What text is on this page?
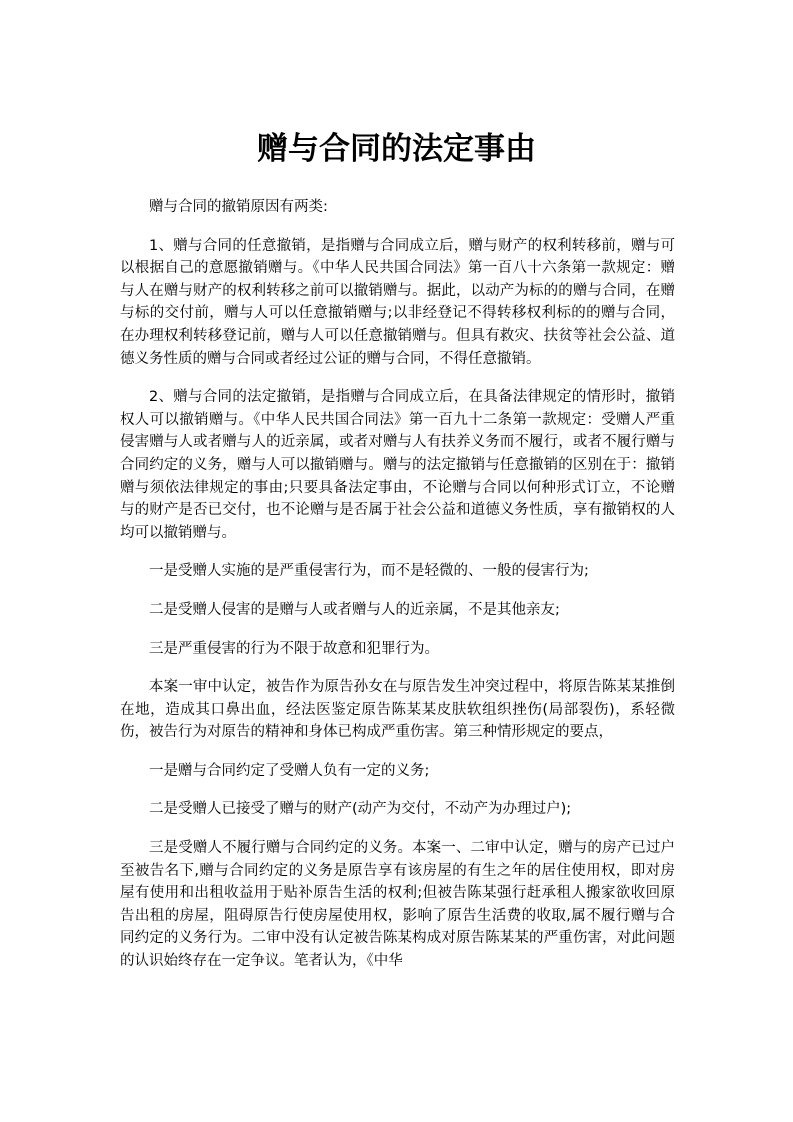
赠与合同的法定事由

赠与合同的撤销原因有两类:

1、赠与合同的任意撤销，是指赠与合同成立后，赠与财产的权利转移前，赠与可以根据自己的意愿撤销赠与。《中华人民共国合同法》第一百八十六条第一款规定：赠与人在赠与财产的权利转移之前可以撤销赠与。据此，以动产为标的的赠与合同，在赠与标的交付前，赠与人可以任意撤销赠与;以非经登记不得转移权利标的的赠与合同，在办理权利转移登记前，赠与人可以任意撤销赠与。但具有救灾、扶贫等社会公益、道德义务性质的赠与合同或者经过公证的赠与合同，不得任意撤销。

2、赠与合同的法定撤销，是指赠与合同成立后，在具备法律规定的情形时，撤销权人可以撤销赠与。《中华人民共国合同法》第一百九十二条第一款规定：受赠人严重侵害赠与人或者赠与人的近亲属，或者对赠与人有扶养义务而不履行，或者不履行赠与合同约定的义务，赠与人可以撤销赠与。赠与的法定撤销与任意撤销的区别在于：撤销赠与须依法律规定的事由;只要具备法定事由，不论赠与合同以何种形式订立，不论赠与的财产是否已交付，也不论赠与是否属于社会公益和道德义务性质，享有撤销权的人均可以撤销赠与。

一是受赠人实施的是严重侵害行为，而不是轻微的、一般的侵害行为;

二是受赠人侵害的是赠与人或者赠与人的近亲属，不是其他亲友;

三是严重侵害的行为不限于故意和犯罪行为。

本案一审中认定，被告作为原告孙女在与原告发生冲突过程中，将原告陈某某推倒在地，造成其口鼻出血，经法医鉴定原告陈某某皮肤软组织挫伤(局部裂伤)，系轻微伤，被告行为对原告的精神和身体已构成严重伤害。第三种情形规定的要点，

一是赠与合同约定了受赠人负有一定的义务;

二是受赠人已接受了赠与的财产(动产为交付，不动产为办理过户);

三是受赠人不履行赠与合同约定的义务。本案一、二审中认定，赠与的房产已过户至被告名下,赠与合同约定的义务是原告享有该房屋的有生之年的居住使用权，即对房屋有使用和出租收益用于贴补原告生活的权利;但被告陈某强行赶承租人搬家欲收回原告出租的房屋，阻碍原告行使房屋使用权，影响了原告生活费的收取,属不履行赠与合同约定的义务行为。二审中没有认定被告陈某构成对原告陈某某的严重伤害，对此问题的认识始终存在一定争议。笔者认为，《中华
